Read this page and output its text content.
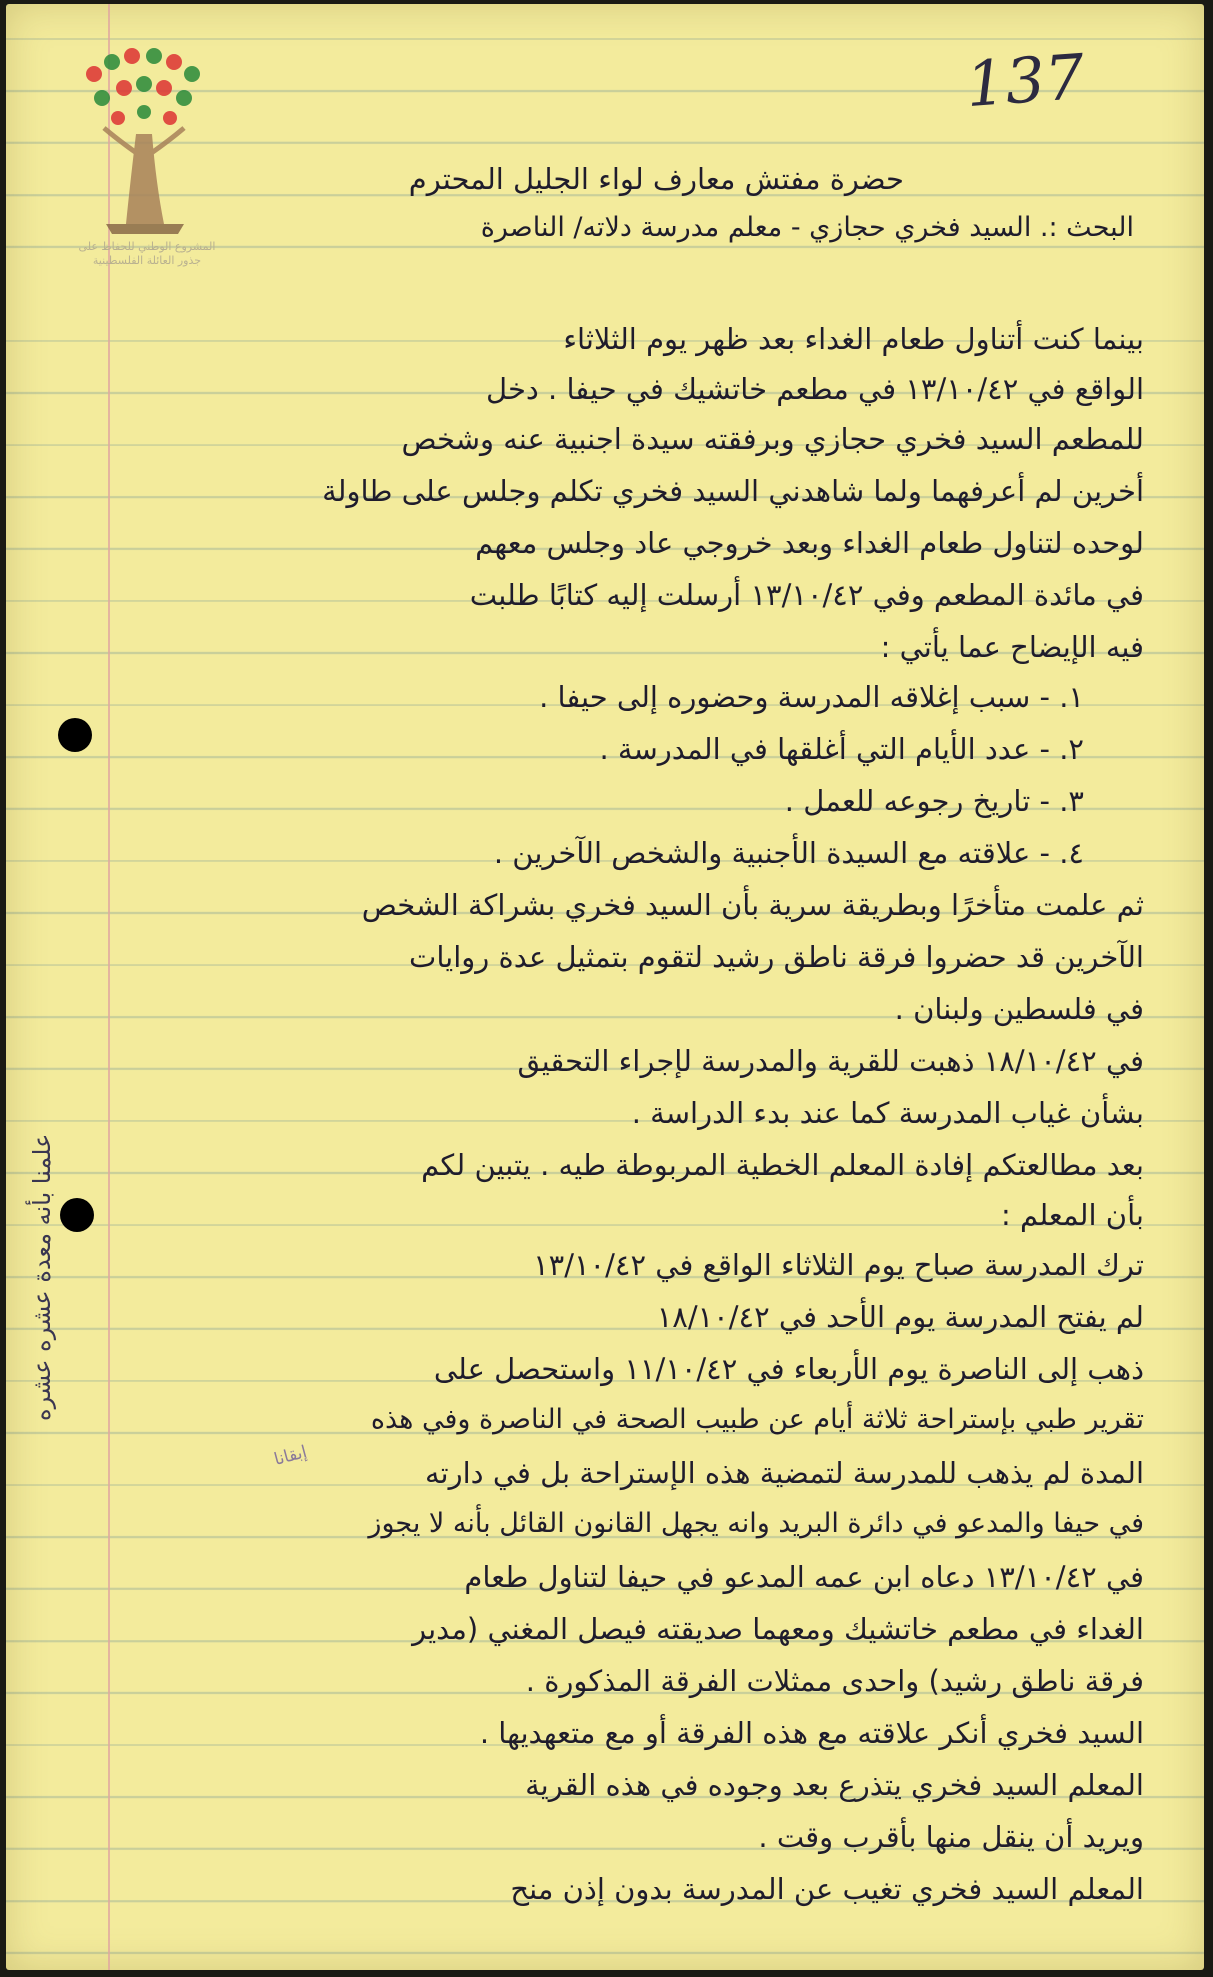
المشروع الوطني للحفاظ على
جذور العائلة الفلسطينية
137
علمنا بأنه معدة عشره عشره
إبقانا
حضرة مفتش معارف لواء الجليل المحترم
البحث :. السيد فخري حجازي - معلم مدرسة دلاته/ الناصرة
بينما كنت أتناول طعام الغداء بعد ظهر يوم الثلاثاء
الواقع في ١٣/١٠/٤٢ في مطعم خاتشيك في حيفا . دخل
للمطعم السيد فخري حجازي وبرفقته سيدة اجنبية عنه وشخص
أخرين لم أعرفهما ولما شاهدني السيد فخري تكلم وجلس على طاولة
لوحده لتناول طعام الغداء وبعد خروجي عاد وجلس معهم
في مائدة المطعم وفي ١٣/١٠/٤٢ أرسلت إليه كتابًا طلبت
فيه الإيضاح عما يأتي :
١. - سبب إغلاقه المدرسة وحضوره إلى حيفا .
٢. - عدد الأيام التي أغلقها في المدرسة .
٣. - تاريخ رجوعه للعمل .
٤. - علاقته مع السيدة الأجنبية والشخص الآخرين .
ثم علمت متأخرًا وبطريقة سرية بأن السيد فخري بشراكة الشخص
الآخرين قد حضروا فرقة ناطق رشيد لتقوم بتمثيل عدة روايات
في فلسطين ولبنان .
في ١٨/١٠/٤٢ ذهبت للقرية والمدرسة لإجراء التحقيق
بشأن غياب المدرسة كما عند بدء الدراسة .
بعد مطالعتكم إفادة المعلم الخطية المربوطة طيه . يتبين لكم
بأن المعلم :
ترك المدرسة صباح يوم الثلاثاء الواقع في ١٣/١٠/٤٢
لم يفتح المدرسة يوم الأحد في ١٨/١٠/٤٢
ذهب إلى الناصرة يوم الأربعاء في ١١/١٠/٤٢ واستحصل على
تقرير طبي بإستراحة ثلاثة أيام عن طبيب الصحة في الناصرة وفي هذه
المدة لم يذهب للمدرسة لتمضية هذه الإستراحة بل في دارته
في حيفا والمدعو في دائرة البريد وانه يجهل القانون القائل بأنه لا يجوز
في ١٣/١٠/٤٢ دعاه ابن عمه المدعو في حيفا لتناول طعام
الغداء في مطعم خاتشيك ومعهما صديقته فيصل المغني (مدير
فرقة ناطق رشيد) واحدى ممثلات الفرقة المذكورة .
السيد فخري أنكر علاقته مع هذه الفرقة أو مع متعهديها .
المعلم السيد فخري يتذرع بعد وجوده في هذه القرية
ويريد أن ينقل منها بأقرب وقت .
المعلم السيد فخري تغيب عن المدرسة بدون إذن منح
